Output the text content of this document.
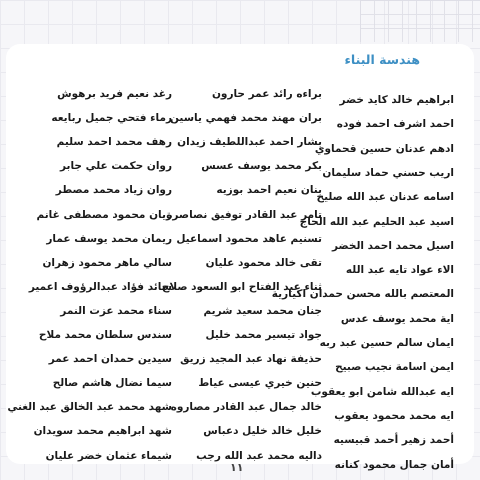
هندسة البناء
ابراهيم خالد كايد خضر
احمد اشرف احمد فوده
ادهم عدنان حسين قحماوي
اريب حسني حماد سليمان
اسامه عدنان عبد الله صليح
اسيد عبد الحليم عبد الله الحاج
اسيل محمد احمد الخضر
الاء عواد تايه عبد الله
المعتصم بالله محسن حمدان اكيارية
اية محمد يوسف عدس
ايمان سالم حسين عبد ربه
ايمن اسامة نجيب صبيح
ايه عبدالله شامن ابو يعقوب
ايه محمد محمود يعقوب
أحمد زهير أحمد قبيسيه
أمان جمال محمود كنانه
براءه رائد عمر حارون
بران مهند محمد فهمي ياسين
بشار احمد عبداللطيف زيدان
بكر محمد يوسف عسس
بنان نعيم احمد بوزيه
تامر عبد القادر توفيق نصاصرة
تسنيم عاهد محمود اسماعيل
تقى خالد محمود عليان
ثناء عبد الفتاح ابو السعود صلاح
جنان محمد سعيد شريم
جواد تيسير محمد خليل
حذيفة نهاد عبد المجيد زريق
حنين خيري عيسى عياط
خالد جمال عبد القادر مصاروه
خليل خالد خليل دعباس
داليه محمد عبد الله رجب
رغد نعيم فريد برهوش
رماء فتحي جميل ربايعه
رهف محمد احمد سليم
روان حكمت علي جابر
روان زياد محمد مصطر
ريان محمود مصطفى غانم
ريمان محمد يوسف عمار
سالي ماهر محمود زهران
سائد فؤاد عبدالرؤوف اعمير
سناء محمد عزت النمر
سندس سلطان محمد ملاح
سيدين حمدان احمد عمر
سيما نضال هاشم صالح
شهد محمد عبد الخالق عبد الغني
شهد ابراهيم محمد سويدان
شيماء عثمان خضر عليان
١١
